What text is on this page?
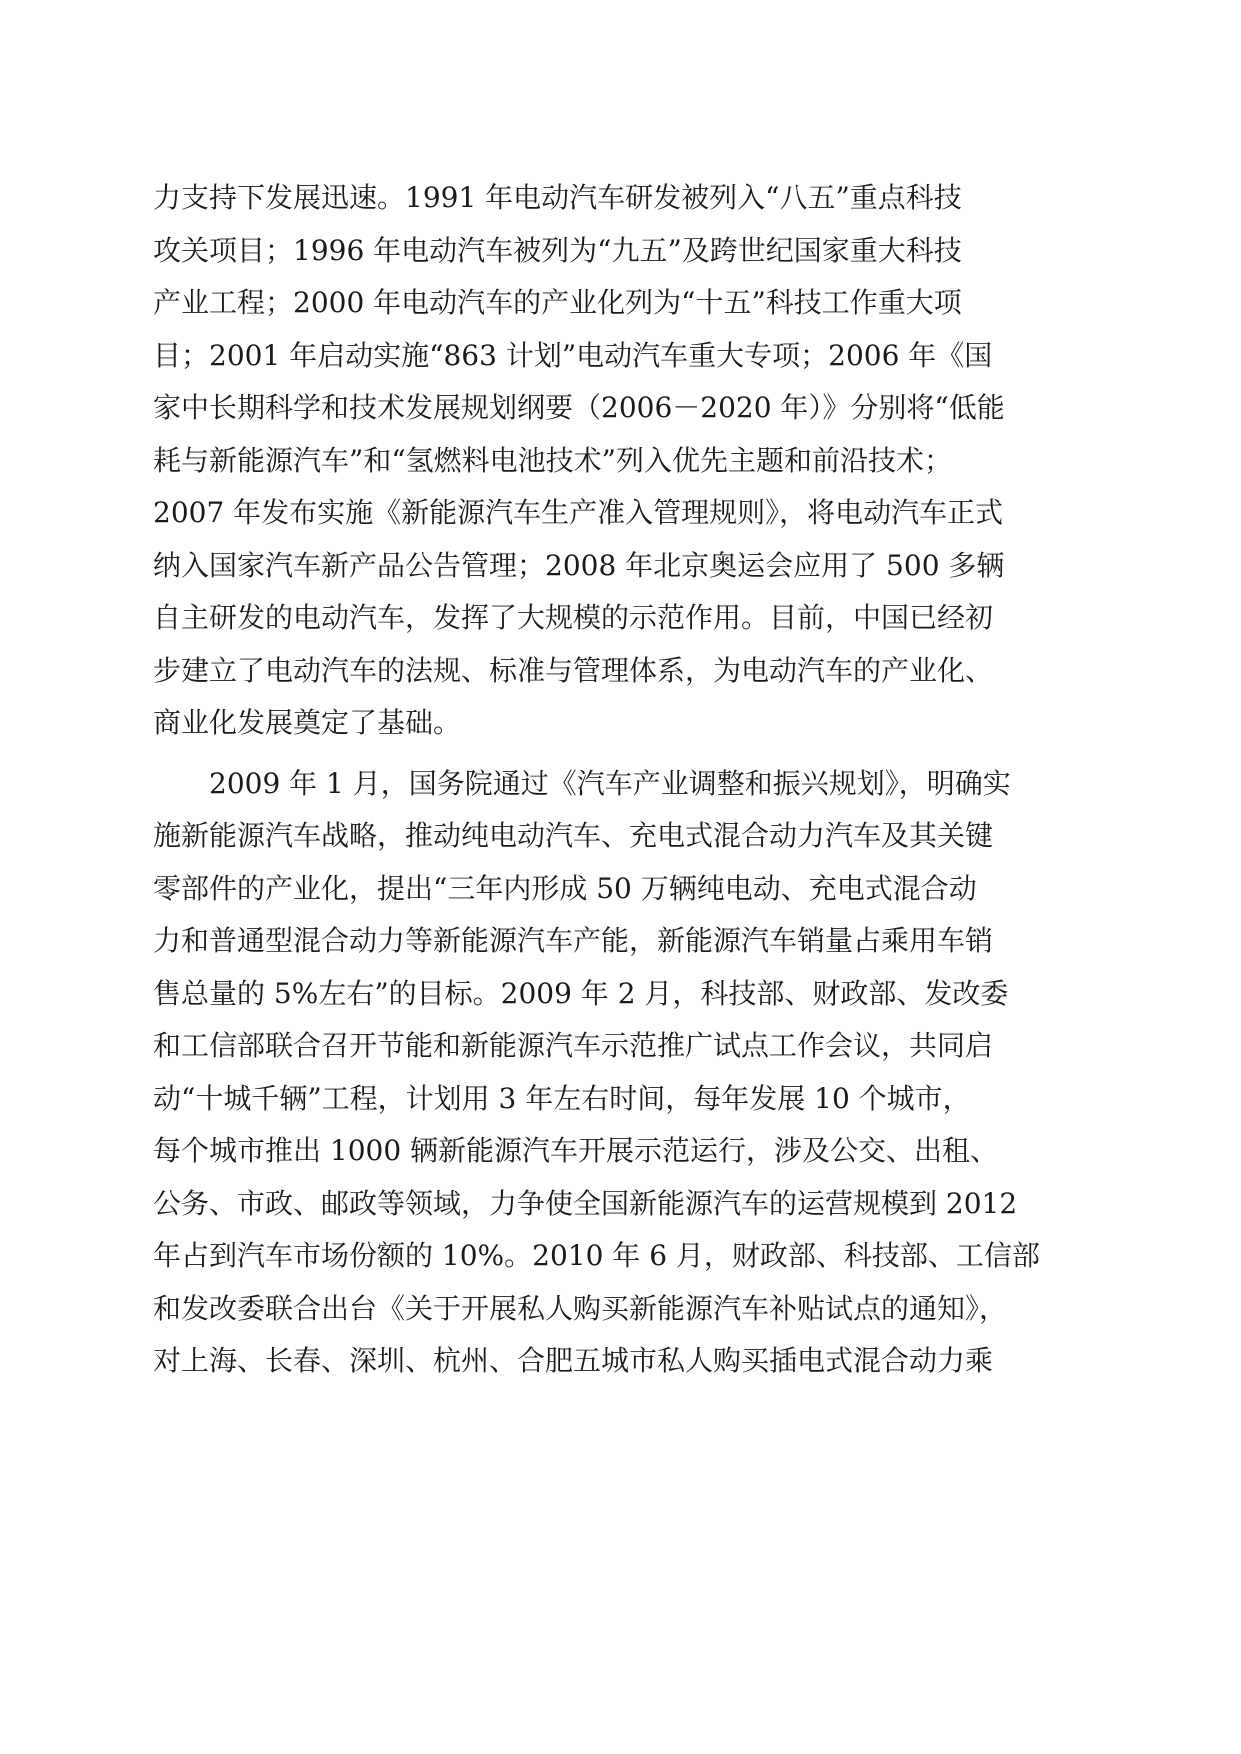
力支持下发展迅速。1991 年电动汽车研发被列入“八五”重点科技
攻关项目；1996 年电动汽车被列为“九五”及跨世纪国家重大科技
产业工程；2000 年电动汽车的产业化列为“十五”科技工作重大项
目；2001 年启动实施“863 计划”电动汽车重大专项；2006 年《国
家中长期科学和技术发展规划纲要（2006－2020 年）》分别将“低能
耗与新能源汽车”和“氢燃料电池技术”列入优先主题和前沿技术；
2007 年发布实施《新能源汽车生产准入管理规则》，将电动汽车正式
纳入国家汽车新产品公告管理；2008 年北京奥运会应用了 500 多辆
自主研发的电动汽车，发挥了大规模的示范作用。目前，中国已经初
步建立了电动汽车的法规、标准与管理体系，为电动汽车的产业化、
商业化发展奠定了基础。
2009 年 1 月，国务院通过《汽车产业调整和振兴规划》，明确实
施新能源汽车战略，推动纯电动汽车、充电式混合动力汽车及其关键
零部件的产业化，提出“三年内形成 50 万辆纯电动、充电式混合动
力和普通型混合动力等新能源汽车产能，新能源汽车销量占乘用车销
售总量的 5%左右”的目标。2009 年 2 月，科技部、财政部、发改委
和工信部联合召开节能和新能源汽车示范推广试点工作会议，共同启
动“十城千辆”工程，计划用 3 年左右时间，每年发展 10 个城市，
每个城市推出 1000 辆新能源汽车开展示范运行，涉及公交、出租、
公务、市政、邮政等领域，力争使全国新能源汽车的运营规模到 2012
年占到汽车市场份额的 10%。2010 年 6 月，财政部、科技部、工信部
和发改委联合出台《关于开展私人购买新能源汽车补贴试点的通知》，
对上海、长春、深圳、杭州、合肥五城市私人购买插电式混合动力乘
